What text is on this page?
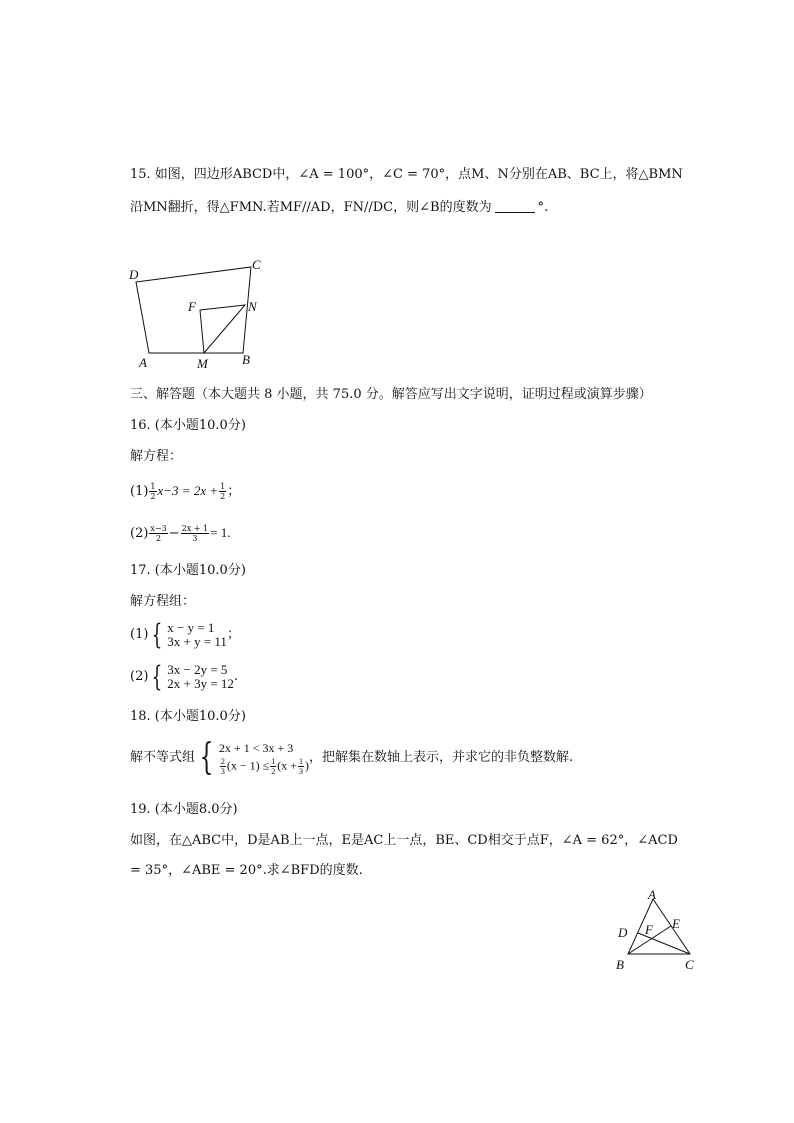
15. 如图，四边形ABCD中，∠A = 100°，∠C = 70°，点M、N分别在AB、BC上，将△BMN
沿MN翻折，得△FMN.若MF//AD，FN//DC，则∠B的度数为	°.
D
C
F	N
A	M	B
三、解答题（本大题共 8 小题，共 75.0 分。解答应写出文字说明，证明过程或演算步骤）
16. (本小题10.0分)
解方程：
$(1) \frac{1}{2} x-3 = 2x + \frac{1}{2}$ ；
$(2) \frac{x-3}{2} - \frac{2x + 1}{3} = 1$.
17. (本小题10.0分)
解方程组：
(1) { x − y = 1
3x + y = 11 ；
(2) { 3x − 2y = 5
2x + 3y = 12 .
18. (本小题10.0分)
解不等式组 { 2x + 1 < 3x + 3
$\frac{2}{3} (x - 1) \le \frac{1}{2} (x + \frac{1}{3}$ ) ，把解集在数轴上表示，并求它的非负整数解.
19. (本小题8.0分)
如图，在△ABC中，D是AB上一点，E是AC上一点，BE、CD相交于点F，∠A = 62°，∠ACD
= 35°，∠ABE = 20°.求∠BFD的度数.
A
D F E
B	C
